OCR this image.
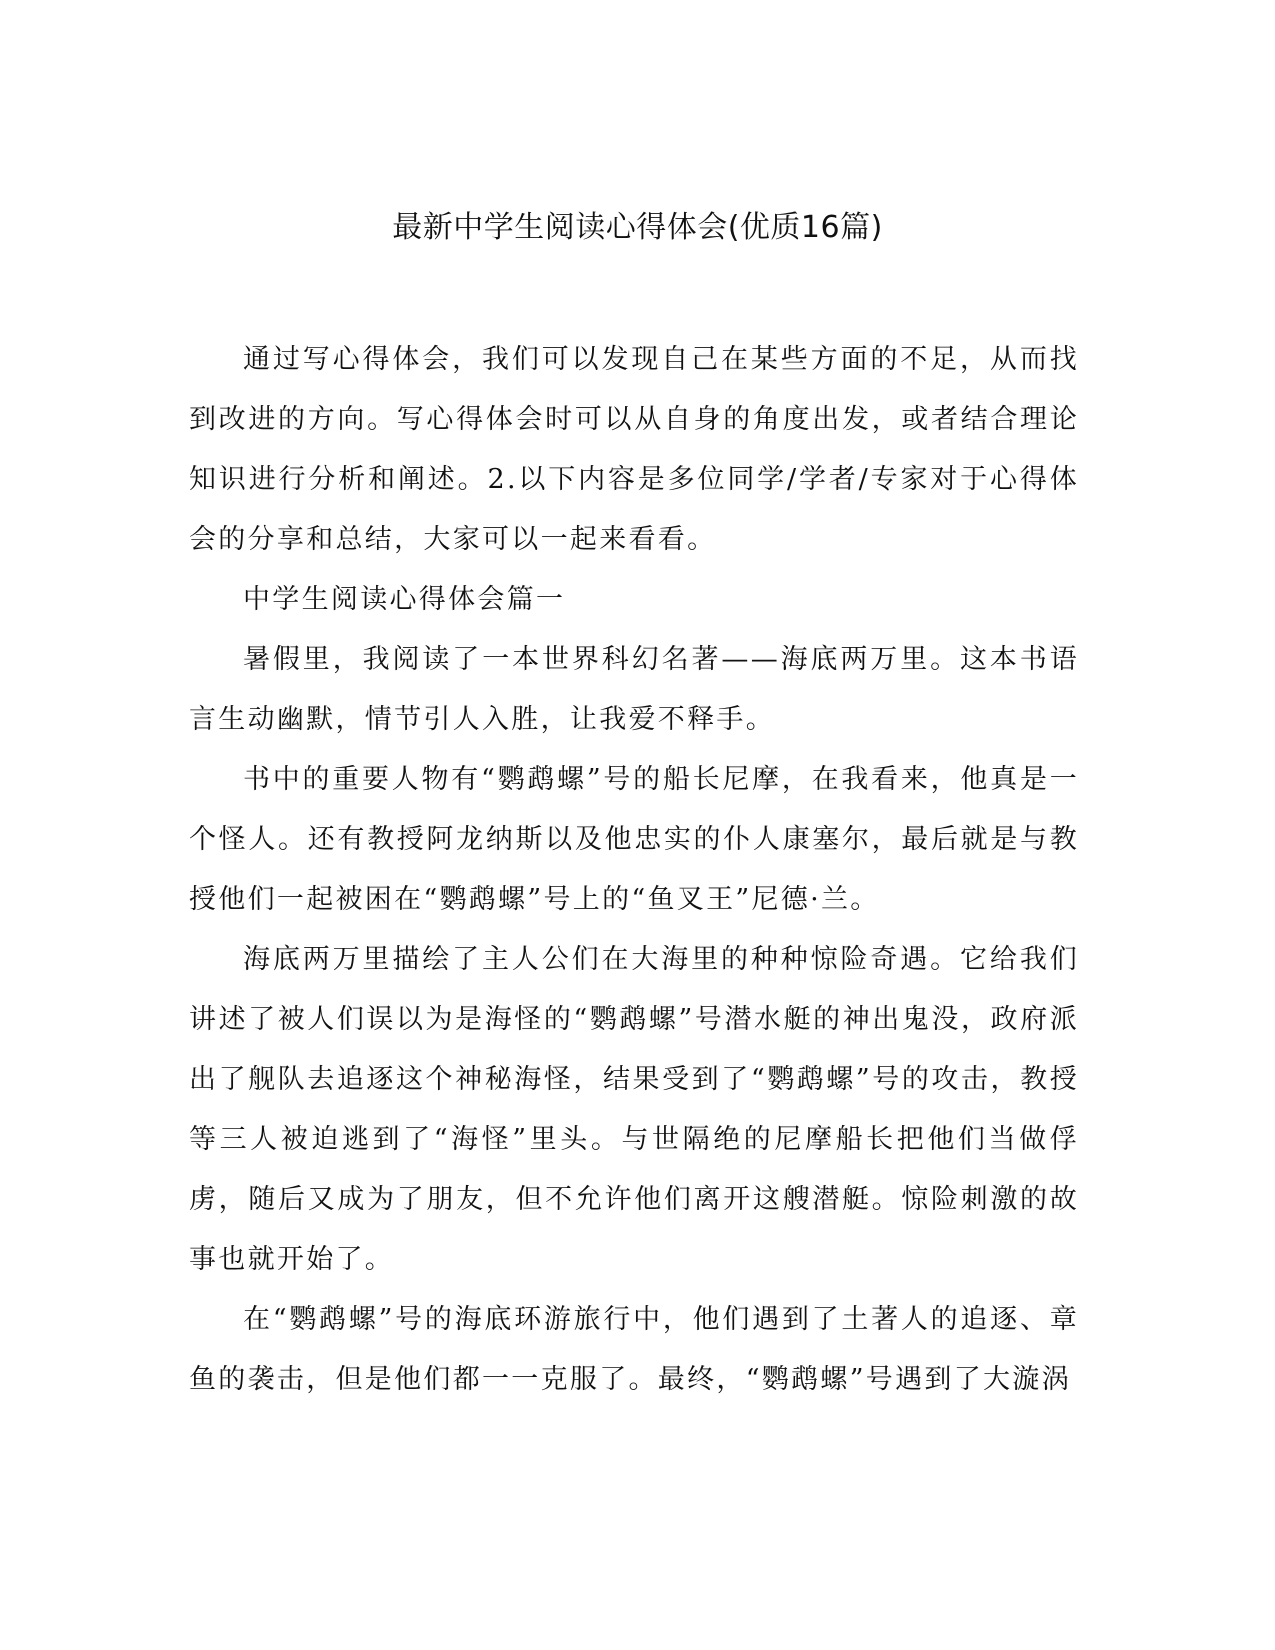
最新中学生阅读心得体会(优质16篇)

通过写心得体会，我们可以发现自己在某些方面的不足，从而找到改进的方向。写心得体会时可以从自身的角度出发，或者结合理论知识进行分析和阐述。2.以下内容是多位同学/学者/专家对于心得体会的分享和总结，大家可以一起来看看。

中学生阅读心得体会篇一

暑假里，我阅读了一本世界科幻名著——海底两万里。这本书语言生动幽默，情节引人入胜，让我爱不释手。

书中的重要人物有“鹦鹉螺”号的船长尼摩，在我看来，他真是一个怪人。还有教授阿龙纳斯以及他忠实的仆人康塞尔，最后就是与教授他们一起被困在“鹦鹉螺”号上的“鱼叉王”尼德·兰。

海底两万里描绘了主人公们在大海里的种种惊险奇遇。它给我们讲述了被人们误以为是海怪的“鹦鹉螺”号潜水艇的神出鬼没，政府派出了舰队去追逐这个神秘海怪，结果受到了“鹦鹉螺”号的攻击，教授等三人被迫逃到了“海怪”里头。与世隔绝的尼摩船长把他们当做俘虏，随后又成为了朋友，但不允许他们离开这艘潜艇。惊险刺激的故事也就开始了。

在“鹦鹉螺”号的海底环游旅行中，他们遇到了土著人的追逐、章鱼的袭击，但是他们都一一克服了。最终，“鹦鹉螺”号遇到了大漩涡
